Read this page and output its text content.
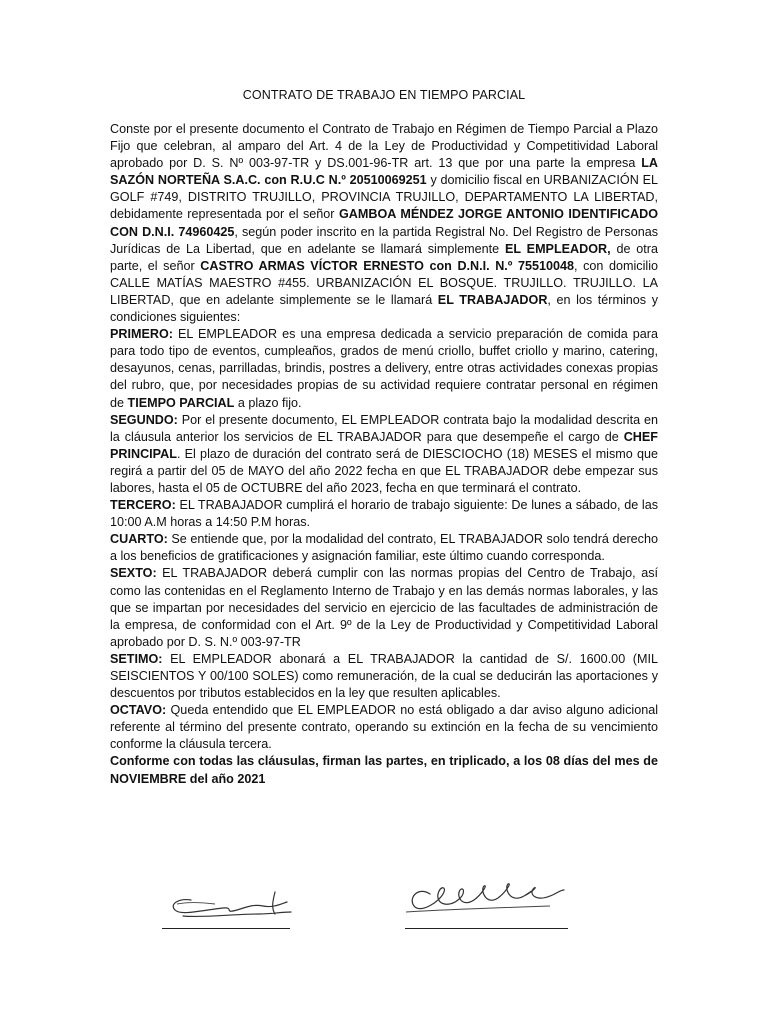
CONTRATO DE TRABAJO EN TIEMPO PARCIAL

Conste por el presente documento el Contrato de Trabajo en Régimen de Tiempo Parcial a Plazo Fijo que celebran, al amparo del Art. 4 de la Ley de Productividad y Competitividad Laboral aprobado por D. S. Nº 003-97-TR y DS.001-96-TR art. 13 que por una parte la empresa LA SAZÓN NORTEÑA S.A.C. con R.U.C N.º 20510069251 y domicilio fiscal en URBANIZACIÓN EL GOLF #749, DISTRITO TRUJILLO, PROVINCIA TRUJILLO, DEPARTAMENTO LA LIBERTAD, debidamente representada por el señor GAMBOA MÉNDEZ JORGE ANTONIO IDENTIFICADO CON D.N.I. 74960425, según poder inscrito en la partida Registral No. Del Registro de Personas Jurídicas de La Libertad, que en adelante se llamará simplemente EL EMPLEADOR, de otra parte, el señor CASTRO ARMAS VÍCTOR ERNESTO con D.N.I. N.º 75510048, con domicilio CALLE MATÍAS MAESTRO #455. URBANIZACIÓN EL BOSQUE. TRUJILLO. TRUJILLO. LA LIBERTAD, que en adelante simplemente se le llamará EL TRABAJADOR, en los términos y condiciones siguientes:

PRIMERO: EL EMPLEADOR es una empresa dedicada a servicio preparación de comida para para todo tipo de eventos, cumpleaños, grados de menú criollo, buffet criollo y marino, catering, desayunos, cenas, parrilladas, brindis, postres a delivery, entre otras actividades conexas propias del rubro, que, por necesidades propias de su actividad requiere contratar personal en régimen de TIEMPO PARCIAL a plazo fijo.

SEGUNDO: Por el presente documento, EL EMPLEADOR contrata bajo la modalidad descrita en la cláusula anterior los servicios de EL TRABAJADOR para que desempeñe el cargo de CHEF PRINCIPAL. El plazo de duración del contrato será de DIESCIOCHO (18) MESES el mismo que regirá a partir del 05 de MAYO del año 2022 fecha en que EL TRABAJADOR debe empezar sus labores, hasta el 05 de OCTUBRE del año 2023, fecha en que terminará el contrato.

TERCERO: EL TRABAJADOR cumplirá el horario de trabajo siguiente: De lunes a sábado, de las 10:00 A.M horas a 14:50 P.M horas.

CUARTO: Se entiende que, por la modalidad del contrato, EL TRABAJADOR solo tendrá derecho a los beneficios de gratificaciones y asignación familiar, este último cuando corresponda.

SEXTO: EL TRABAJADOR deberá cumplir con las normas propias del Centro de Trabajo, así como las contenidas en el Reglamento Interno de Trabajo y en las demás normas laborales, y las que se impartan por necesidades del servicio en ejercicio de las facultades de administración de la empresa, de conformidad con el Art. 9º de la Ley de Productividad y Competitividad Laboral aprobado por D. S. N.º 003-97-TR

SETIMO: EL EMPLEADOR abonará a EL TRABAJADOR la cantidad de S/. 1600.00 (MIL SEISCIENTOS Y 00/100 SOLES) como remuneración, de la cual se deducirán las aportaciones y descuentos por tributos establecidos en la ley que resulten aplicables.

OCTAVO: Queda entendido que EL EMPLEADOR no está obligado a dar aviso alguno adicional referente al término del presente contrato, operando su extinción en la fecha de su vencimiento conforme la cláusula tercera.

Conforme con todas las cláusulas, firman las partes, en triplicado, a los 08 días del mes de NOVIEMBRE del año 2021
